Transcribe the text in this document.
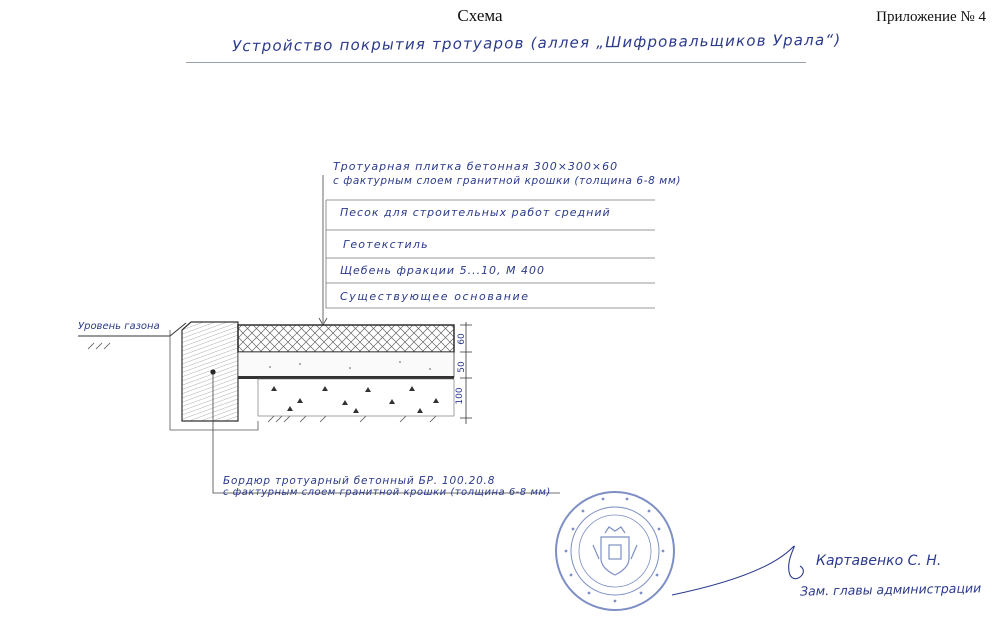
Схема	Приложение № 4
Устройство покрытия тротуаров (аллея „Шифровальщиков Урала“)
Тротуарная плитка бетонная 300×300×60
с фактурным слоем гранитной крошки (толщина 6-8 мм)
Песок для строительных работ средний
Геотекстиль
Щебень фракции 5...10, М 400
Существующее основание
Уровень газона
60
50
100
Бордюр тротуарный бетонный БР. 100.20.8
с фактурным слоем гранитной крошки (толщина 6-8 мм)
Картавенко С. Н.
Зам. главы администрации
